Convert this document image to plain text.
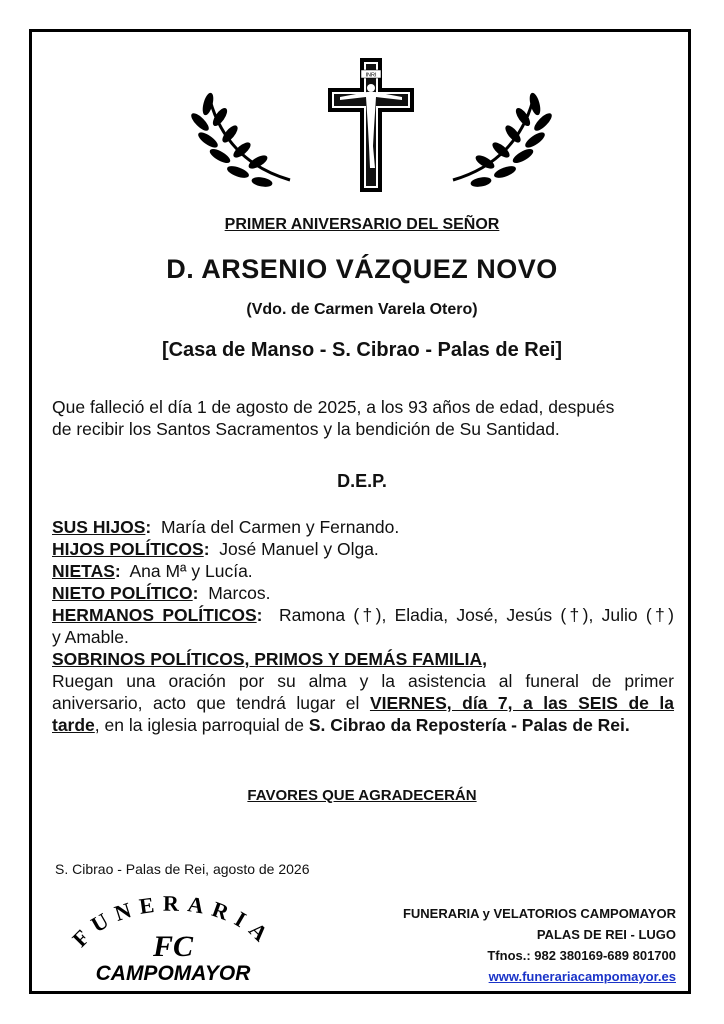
INRI
PRIMER ANIVERSARIO DEL SEÑOR
D. ARSENIO VÁZQUEZ NOVO
(Vdo. de Carmen Varela Otero)
[Casa de Manso - S. Cibrao - Palas de Rei]
Que falleció el día 1 de agosto de 2025, a los 93 años de edad, después
de recibir los Santos Sacramentos y la bendición de Su Santidad.
D.E.P.
SUS HIJOS: María del Carmen y Fernando.
HIJOS POLÍTICOS: José Manuel y Olga.
NIETAS: Ana Mª y Lucía.
NIETO POLÍTICO: Marcos.
HERMANOS POLÍTICOS: Ramona (†), Eladia, José, Jesús (†), Julio (†)
y Amable.
SOBRINOS POLÍTICOS, PRIMOS Y DEMÁS FAMILIA,
Ruegan una oración por su alma y la asistencia al funeral de primer
aniversario, acto que tendrá lugar el VIERNES, día 7, a las SEIS de la
tarde, en la iglesia parroquial de S. Cibrao da Repostería - Palas de Rei.
FAVORES QUE AGRADECERÁN
S. Cibrao - Palas de Rei, agosto de 2026
FUNERARIA
FC
CAMPOMAYOR
FUNERARIA y VELATORIOS CAMPOMAYOR
PALAS DE REI - LUGO
Tfnos.: 982 380169-689 801700
www.funerariacampomayor.es
